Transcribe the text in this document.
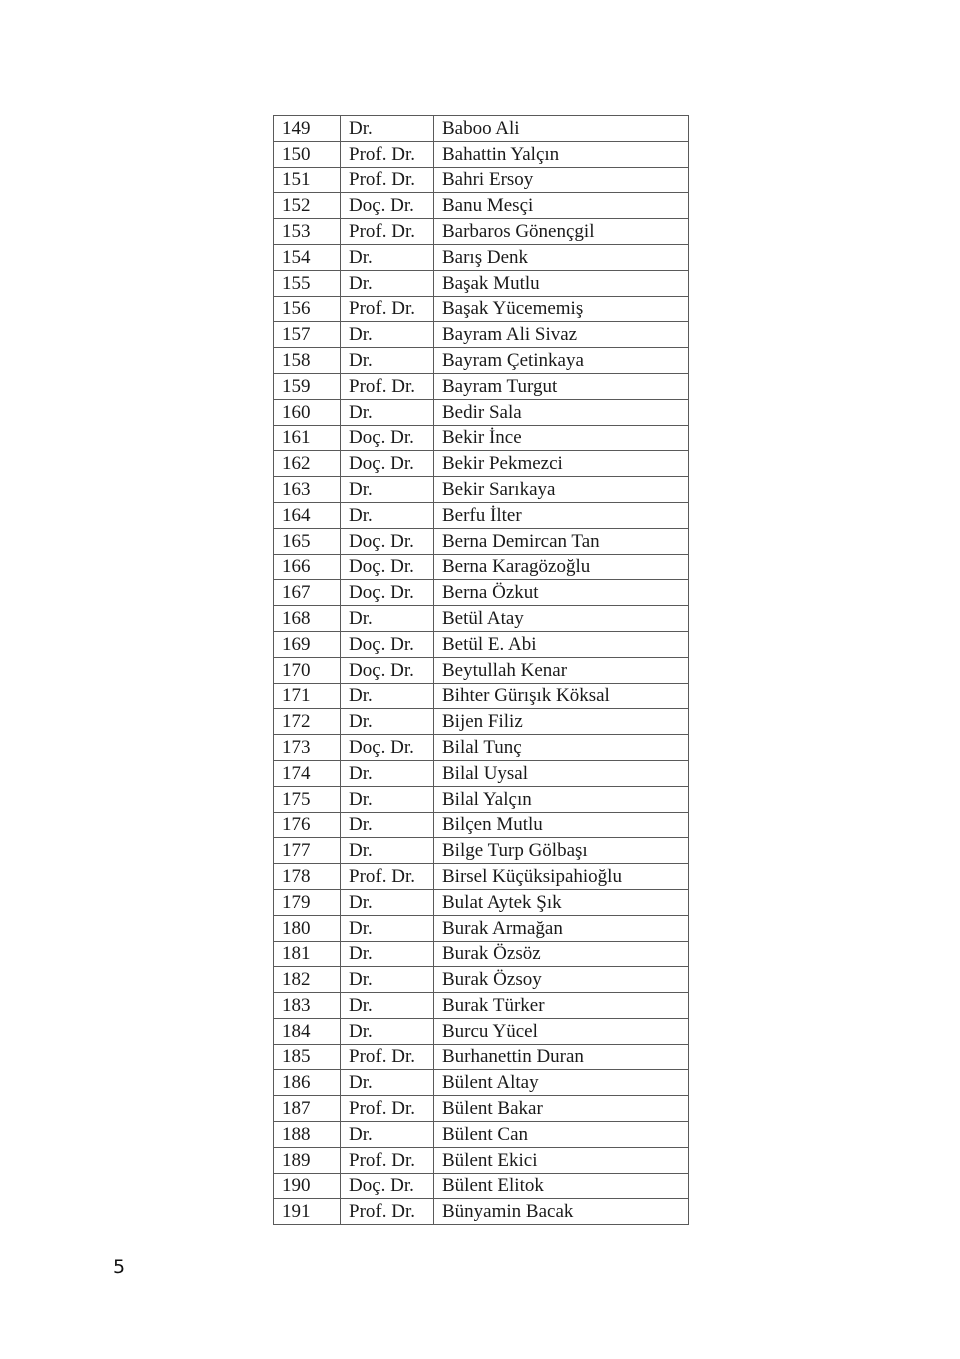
149	Dr.	Baboo Ali
150	Prof. Dr.	Bahattin Yalçın
151	Prof. Dr.	Bahri Ersoy
152	Doç. Dr.	Banu Mesçi
153	Prof. Dr.	Barbaros Gönençgil
154	Dr.	Barış Denk
155	Dr.	Başak Mutlu
156	Prof. Dr.	Başak Yücememiş
157	Dr.	Bayram Ali Sivaz
158	Dr.	Bayram Çetinkaya
159	Prof. Dr.	Bayram Turgut
160	Dr.	Bedir Sala
161	Doç. Dr.	Bekir İnce
162	Doç. Dr.	Bekir Pekmezci
163	Dr.	Bekir Sarıkaya
164	Dr.	Berfu İlter
165	Doç. Dr.	Berna Demircan Tan
166	Doç. Dr.	Berna Karagözoğlu
167	Doç. Dr.	Berna Özkut
168	Dr.	Betül Atay
169	Doç. Dr.	Betül E. Abi
170	Doç. Dr.	Beytullah Kenar
171	Dr.	Bihter Gürışık Köksal
172	Dr.	Bijen Filiz
173	Doç. Dr.	Bilal Tunç
174	Dr.	Bilal Uysal
175	Dr.	Bilal Yalçın
176	Dr.	Bilçen Mutlu
177	Dr.	Bilge Turp Gölbaşı
178	Prof. Dr.	Birsel Küçüksipahioğlu
179	Dr.	Bulat Aytek Şık
180	Dr.	Burak Armağan
181	Dr.	Burak Özsöz
182	Dr.	Burak Özsoy
183	Dr.	Burak Türker
184	Dr.	Burcu Yücel
185	Prof. Dr.	Burhanettin Duran
186	Dr.	Bülent Altay
187	Prof. Dr.	Bülent Bakar
188	Dr.	Bülent Can
189	Prof. Dr.	Bülent Ekici
190	Doç. Dr.	Bülent Elitok
191	Prof. Dr.	Bünyamin Bacak
5
